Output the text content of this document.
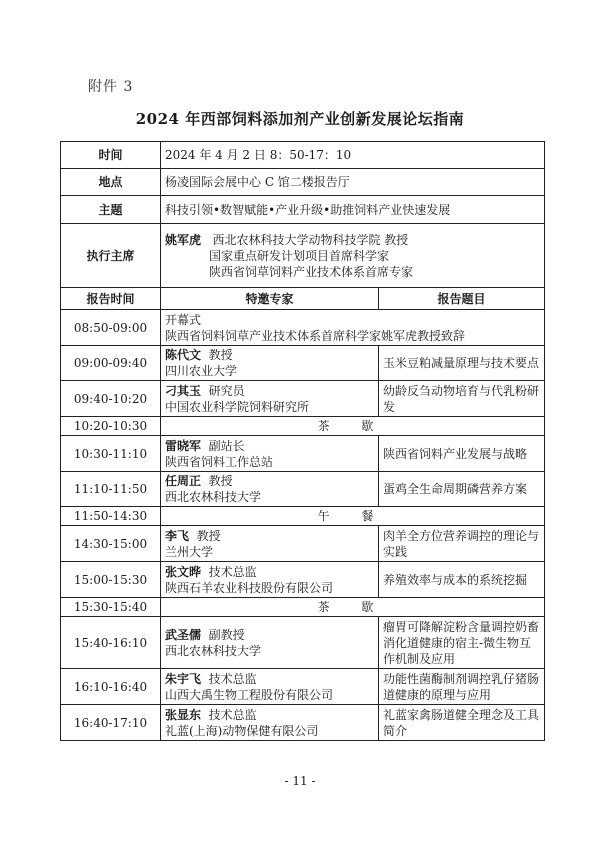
附件 3
2024 年西部饲料添加剂产业创新发展论坛指南
时间	2024 年 4 月 2 日 8：50-17：10	
地点	杨凌国际会展中心 C 馆二楼报告厅	
主题	科技引领•数智赋能•产业升级•助推饲料产业快速发展	
执行主席	姚军虎 西北农林科技大学动物科技学院 教授
国家重点研发计划项目首席科学家
陕西省饲草饲料产业技术体系首席专家	

报告时间	特邀专家	报告题目
08:50-09:00	开幕式
陕西省饲料饲草产业技术体系首席科学家姚军虎教授致辞	

09:00-09:40	陈代文 教授
四川农业大学	玉米豆粕减量原理与技术要点
09:40-10:20	刁其玉 研究员
中国农业科学院饲料研究所	幼龄反刍动物培育与代乳粉研发
10:20-10:30	茶 歇	
10:30-11:10	雷晓军 副站长
陕西省饲料工作总站	陕西省饲料产业发展与战略
11:10-11:50	任周正 教授
西北农林科技大学	蛋鸡全生命周期磷营养方案
11:50-14:30	午 餐	
14:30-15:00	李飞 教授
兰州大学	肉羊全方位营养调控的理论与实践
15:00-15:30	张文晔 技术总监
陕西石羊农业科技股份有限公司	养殖效率与成本的系统挖掘
15:30-15:40	茶 歇	
15:40-16:10	武圣儒 副教授
西北农林科技大学	瘤胃可降解淀粉含量调控奶畜消化道健康的宿主-微生物互作机制及应用
16:10-16:40	朱宇飞 技术总监
山西大禹生物工程股份有限公司	功能性菌酶制剂调控乳仔猪肠道健康的原理与应用
16:40-17:10	张显东 技术总监
礼蓝(上海)动物保健有限公司	礼蓝家禽肠道健全理念及工具简介
- 11 -
